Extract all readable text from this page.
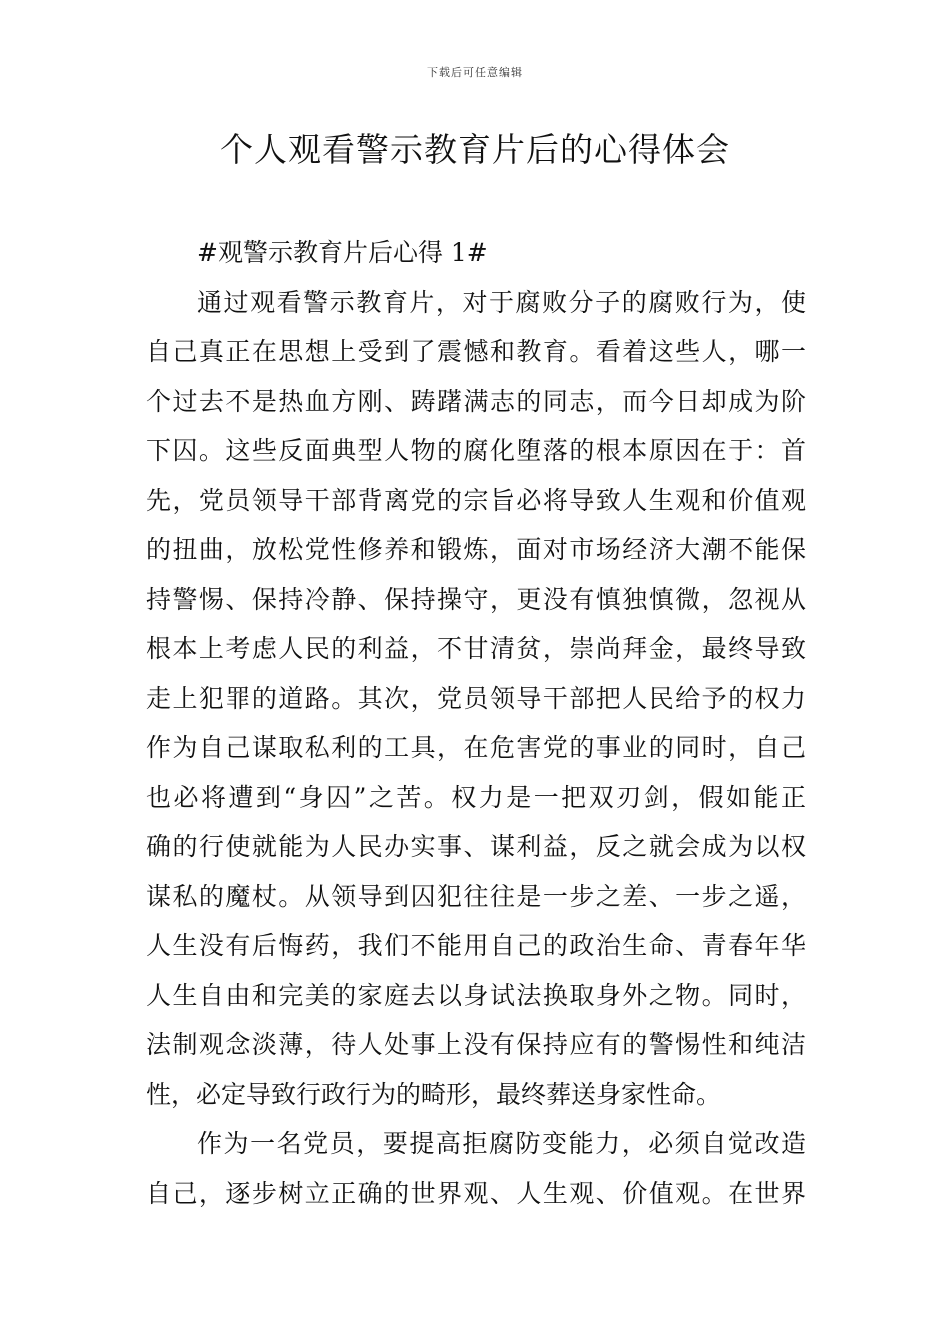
下载后可任意编辑
个人观看警示教育片后的心得体会
#观警示教育片后心得 1#
通过观看警示教育片，对于腐败分子的腐败行为，使
自己真正在思想上受到了震憾和教育。看着这些人，哪一
个过去不是热血方刚、踌躇满志的同志，而今日却成为阶
下囚。这些反面典型人物的腐化堕落的根本原因在于：首
先，党员领导干部背离党的宗旨必将导致人生观和价值观
的扭曲，放松党性修养和锻炼，面对市场经济大潮不能保
持警惕、保持冷静、保持操守，更没有慎独慎微，忽视从
根本上考虑人民的利益，不甘清贫，崇尚拜金，最终导致
走上犯罪的道路。其次，党员领导干部把人民给予的权力
作为自己谋取私利的工具，在危害党的事业的同时，自己
也必将遭到“身囚”之苦。权力是一把双刃剑，假如能正
确的行使就能为人民办实事、谋利益，反之就会成为以权
谋私的魔杖。从领导到囚犯往往是一步之差、一步之遥，
人生没有后悔药，我们不能用自己的政治生命、青春年华
人生自由和完美的家庭去以身试法换取身外之物。同时，
法制观念淡薄，待人处事上没有保持应有的警惕性和纯洁
性，必定导致行政行为的畸形，最终葬送身家性命。
作为一名党员，要提高拒腐防变能力，必须自觉改造
自己，逐步树立正确的世界观、人生观、价值观。在世界
